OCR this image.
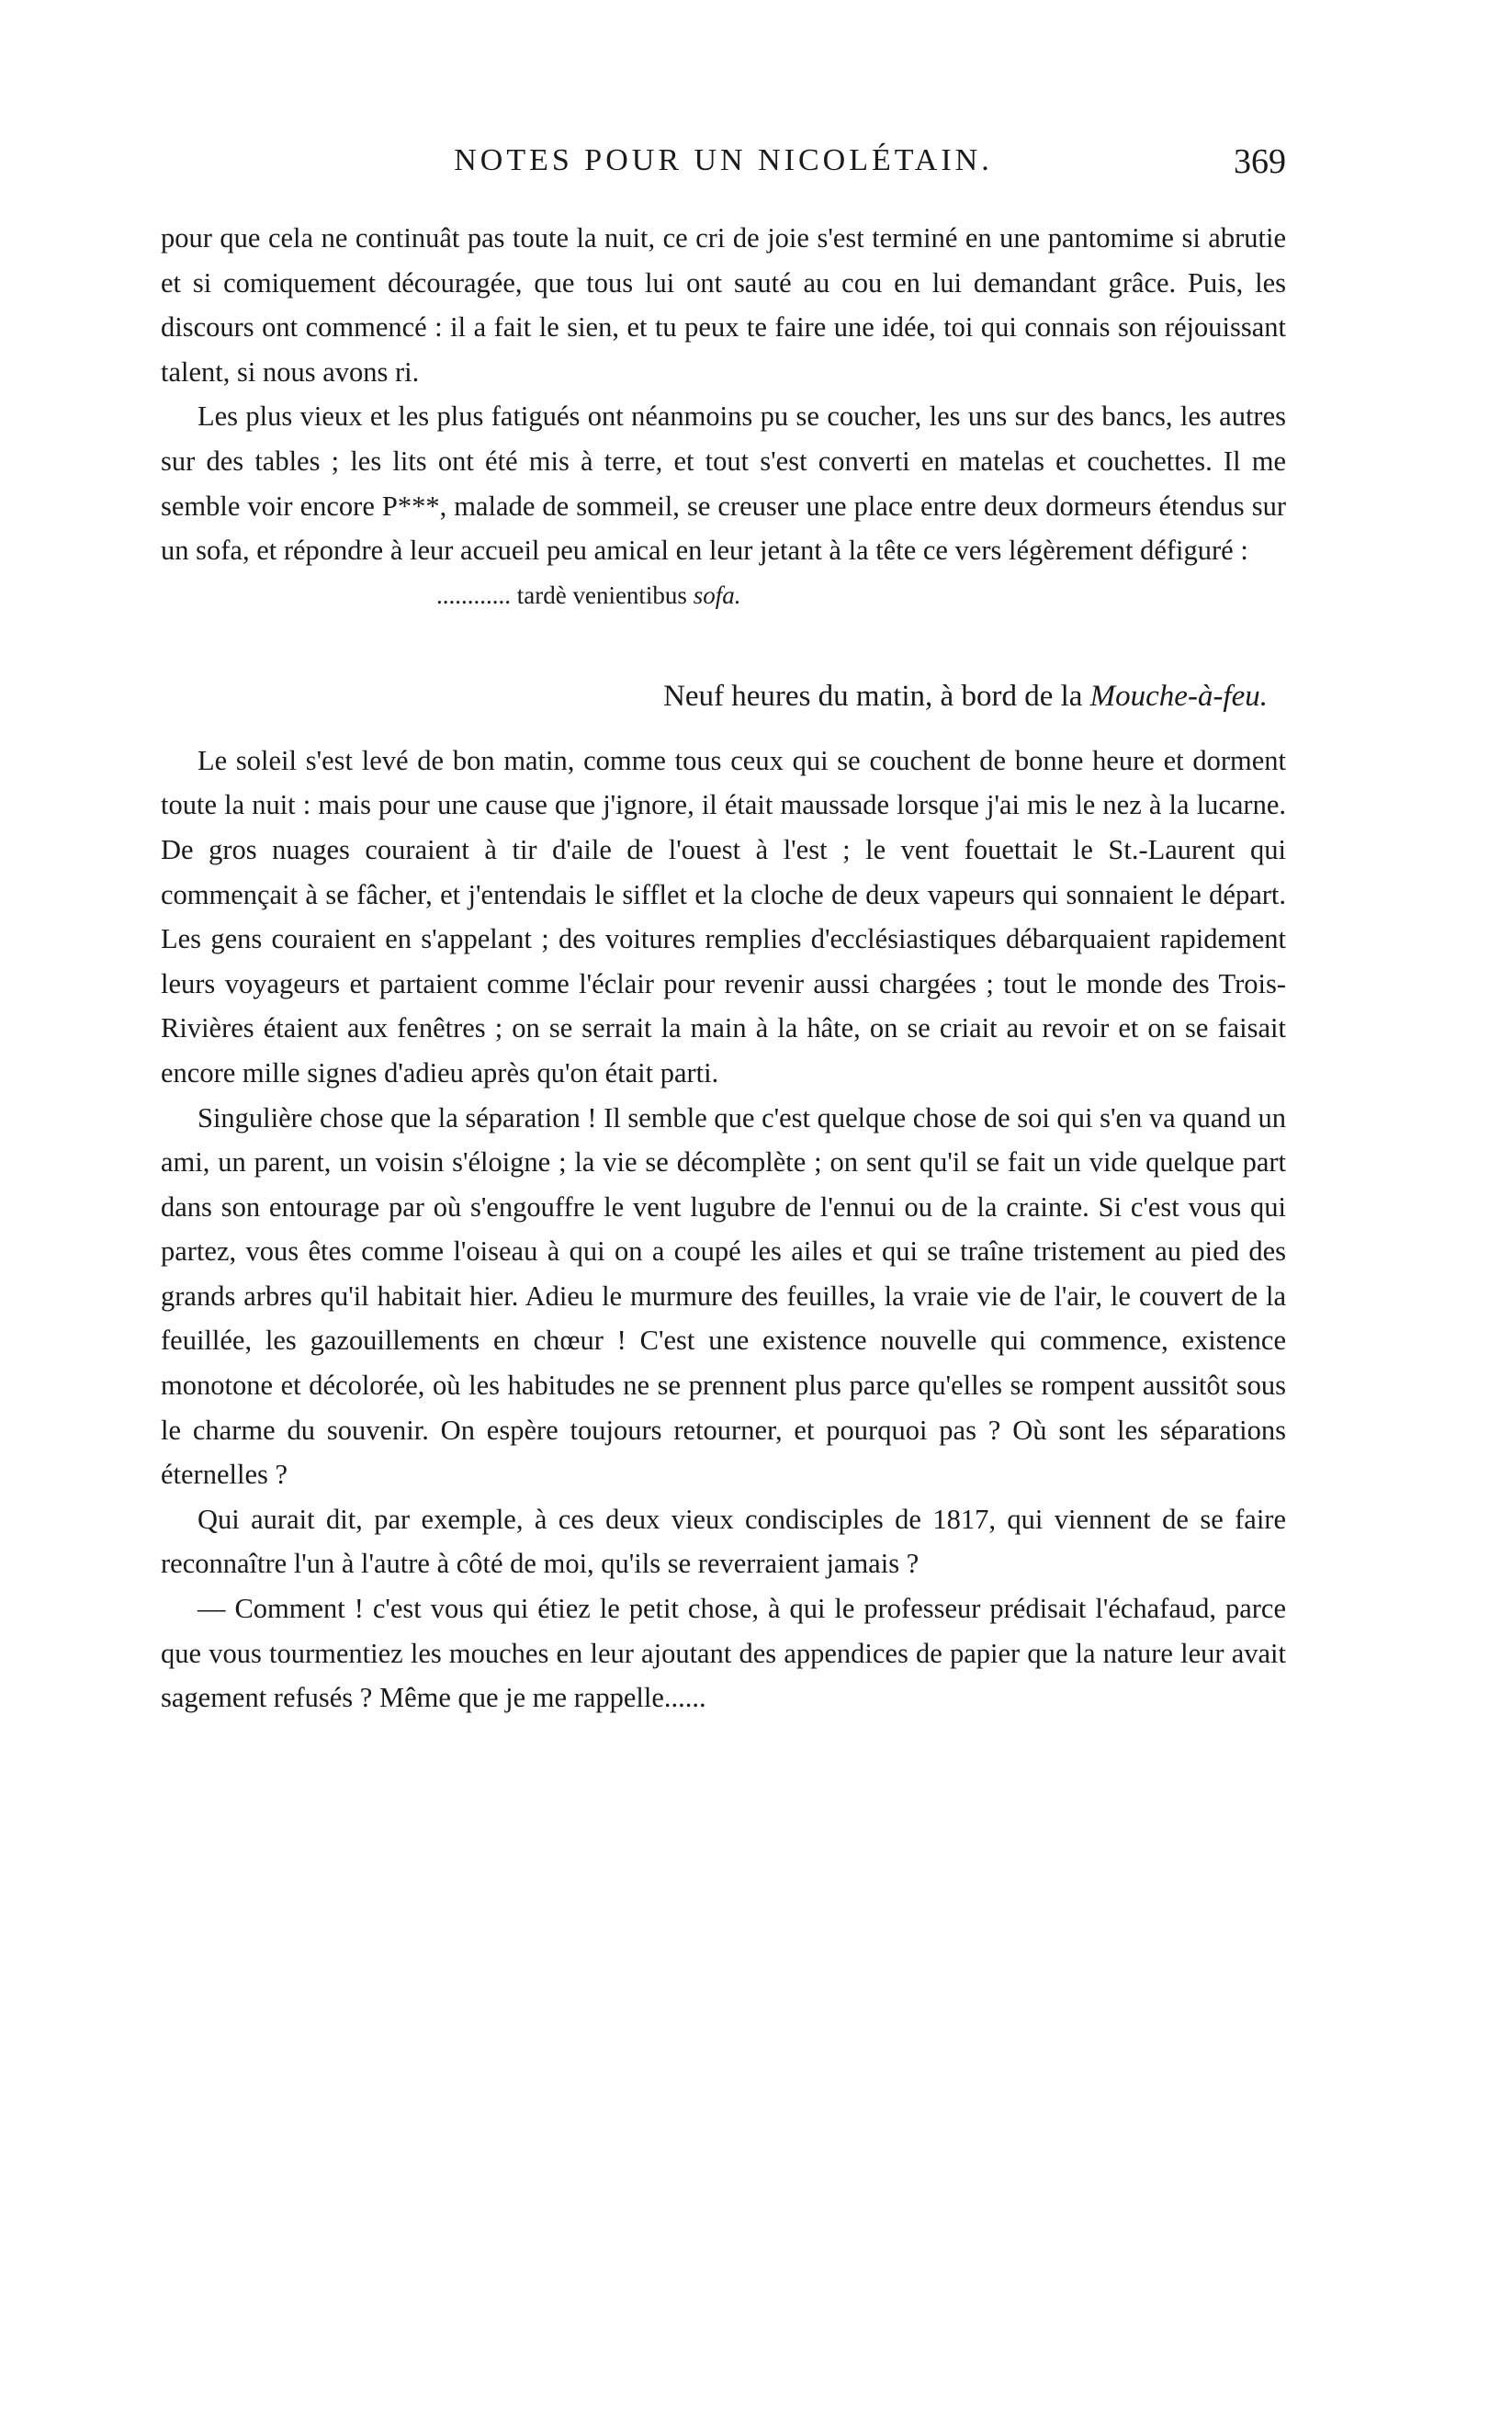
NOTES POUR UN NICOLÉTAIN.	369

pour que cela ne continuât pas toute la nuit, ce cri de joie s'est terminé en une pantomime si abrutie et si comiquement découragée, que tous lui ont sauté au cou en lui demandant grâce. Puis, les discours ont commencé : il a fait le sien, et tu peux te faire une idée, toi qui connais son réjouissant talent, si nous avons ri.

Les plus vieux et les plus fatigués ont néanmoins pu se coucher, les uns sur des bancs, les autres sur des tables ; les lits ont été mis à terre, et tout s'est converti en matelas et couchettes. Il me semble voir encore P***, malade de sommeil, se creuser une place entre deux dormeurs étendus sur un sofa, et répondre à leur accueil peu amical en leur jetant à la tête ce vers légèrement défiguré :

............ tardè venientibus sofa.
Neuf heures du matin, à bord de la Mouche-à-feu.

Le soleil s'est levé de bon matin, comme tous ceux qui se couchent de bonne heure et dorment toute la nuit : mais pour une cause que j'ignore, il était maussade lorsque j'ai mis le nez à la lucarne. De gros nuages couraient à tir d'aile de l'ouest à l'est ; le vent fouettait le St.-Laurent qui commençait à se fâcher, et j'entendais le sifflet et la cloche de deux vapeurs qui sonnaient le départ. Les gens couraient en s'appelant ; des voitures remplies d'ecclésiastiques débarquaient rapidement leurs voyageurs et partaient comme l'éclair pour revenir aussi chargées ; tout le monde des Trois-Rivières étaient aux fenêtres ; on se serrait la main à la hâte, on se criait au revoir et on se faisait encore mille signes d'adieu après qu'on était parti.

Singulière chose que la séparation ! Il semble que c'est quelque chose de soi qui s'en va quand un ami, un parent, un voisin s'éloigne ; la vie se décomplète ; on sent qu'il se fait un vide quelque part dans son entourage par où s'engouffre le vent lugubre de l'ennui ou de la crainte. Si c'est vous qui partez, vous êtes comme l'oiseau à qui on a coupé les ailes et qui se traîne tristement au pied des grands arbres qu'il habitait hier. Adieu le murmure des feuilles, la vraie vie de l'air, le couvert de la feuillée, les gazouillements en chœur ! C'est une existence nouvelle qui commence, existence monotone et décolorée, où les habitudes ne se prennent plus parce qu'elles se rompent aussitôt sous le charme du souvenir. On espère toujours retourner, et pourquoi pas ? Où sont les séparations éternelles ?

Qui aurait dit, par exemple, à ces deux vieux condisciples de 1817, qui viennent de se faire reconnaître l'un à l'autre à côté de moi, qu'ils se reverraient jamais ?

— Comment ! c'est vous qui étiez le petit chose, à qui le professeur prédisait l'échafaud, parce que vous tourmentiez les mouches en leur ajoutant des appendices de papier que la nature leur avait sagement refusés ? Même que je me rappelle......
